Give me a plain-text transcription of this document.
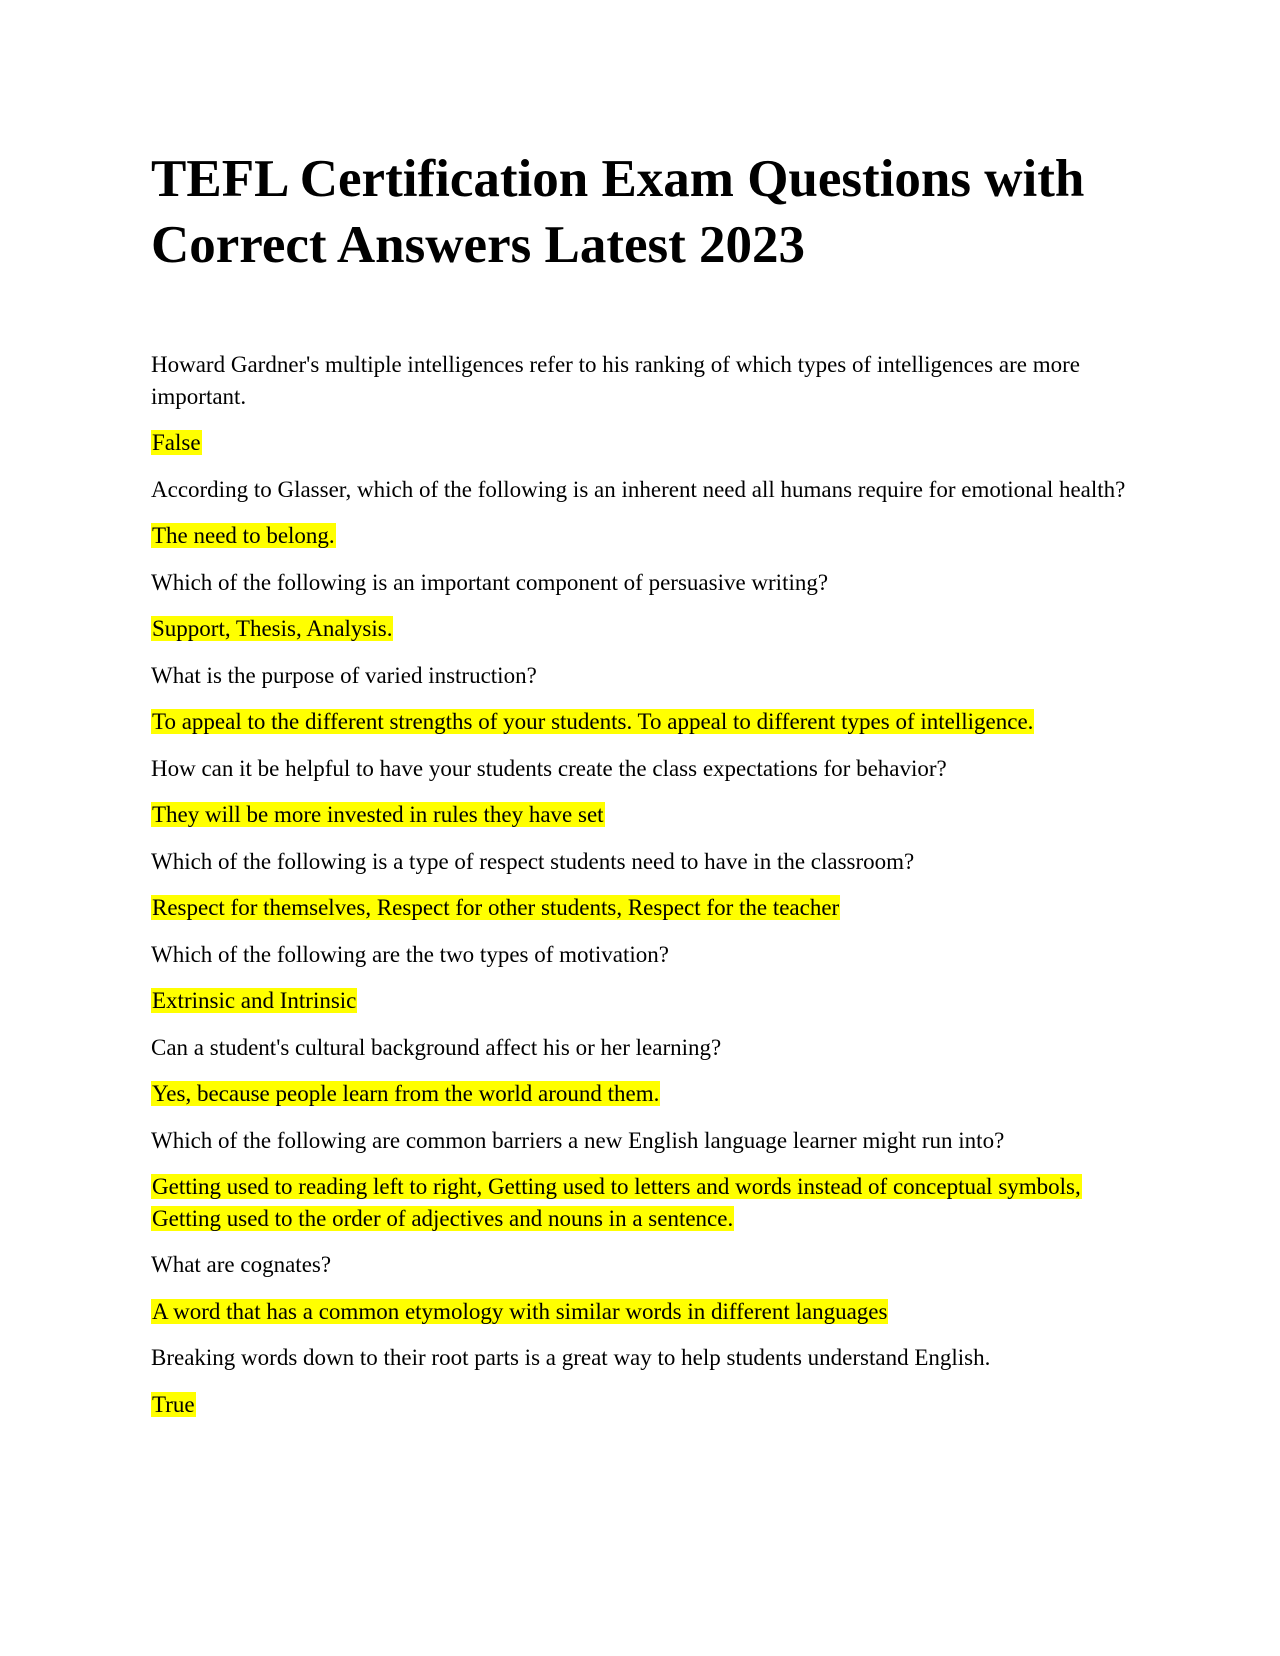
TEFL Certification Exam Questions with
Correct Answers Latest 2023

Howard Gardner's multiple intelligences refer to his ranking of which types of intelligences are more important.

False

According to Glasser, which of the following is an inherent need all humans require for emotional health?

The need to belong.

Which of the following is an important component of persuasive writing?

Support, Thesis, Analysis.

What is the purpose of varied instruction?

To appeal to the different strengths of your students. To appeal to different types of intelligence.

How can it be helpful to have your students create the class expectations for behavior?

They will be more invested in rules they have set

Which of the following is a type of respect students need to have in the classroom?

Respect for themselves, Respect for other students, Respect for the teacher

Which of the following are the two types of motivation?

Extrinsic and Intrinsic

Can a student's cultural background affect his or her learning?

Yes, because people learn from the world around them.

Which of the following are common barriers a new English language learner might run into?

Getting used to reading left to right, Getting used to letters and words instead of conceptual symbols, Getting used to the order of adjectives and nouns in a sentence.

What are cognates?

A word that has a common etymology with similar words in different languages

Breaking words down to their root parts is a great way to help students understand English.

True
